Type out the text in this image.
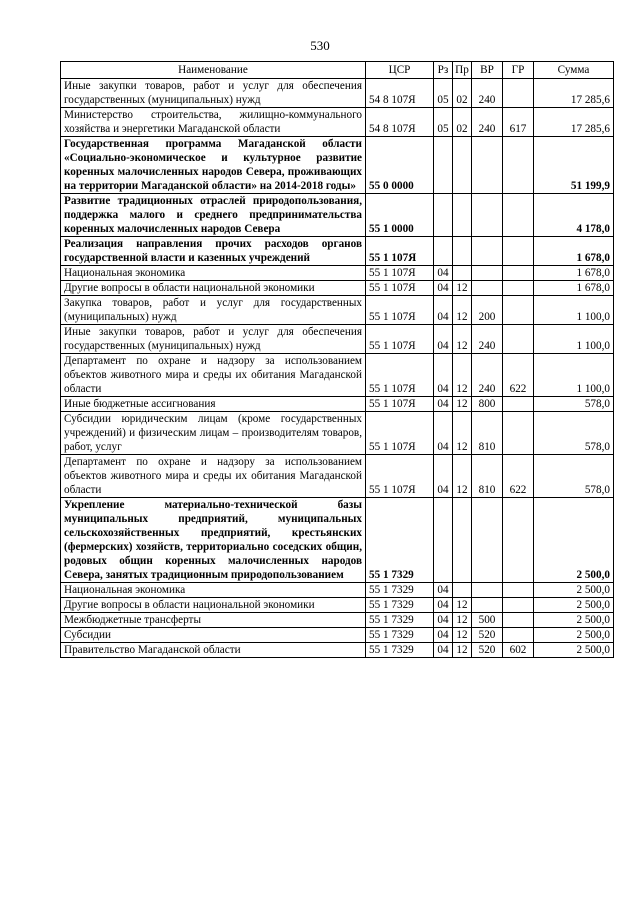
530
Наименование	ЦСР	Рз	Пр	ВР	ГР	Сумма
Иные закупки товаров, работ и услуг для обеспечения государственных (муниципальных) нужд	54 8 107Я	05	02	240		17 285,6
Министерство строительства, жилищно-коммунального хозяйства и энергетики Магаданской области	54 8 107Я	05	02	240	617	17 285,6
Государственная программа Магаданской области «Социально-экономическое и культурное развитие коренных малочисленных народов Севера, проживающих на территории Магаданской области» на 2014-2018 годы»	55 0 0000					51 199,9
Развитие традиционных отраслей природопользования, поддержка малого и среднего предпринимательства коренных малочисленных народов Севера	55 1 0000					4 178,0
Реализация направления прочих расходов органов государственной власти и казенных учреждений	55 1 107Я					1 678,0
Национальная экономика	55 1 107Я	04				1 678,0
Другие вопросы в области национальной экономики	55 1 107Я	04	12			1 678,0
Закупка товаров, работ и услуг для государственных (муниципальных) нужд	55 1 107Я	04	12	200		1 100,0
Иные закупки товаров, работ и услуг для обеспечения государственных (муниципальных) нужд	55 1 107Я	04	12	240		1 100,0
Департамент по охране и надзору за использованием объектов животного мира и среды их обитания Магаданской области	55 1 107Я	04	12	240	622	1 100,0
Иные бюджетные ассигнования	55 1 107Я	04	12	800		578,0
Субсидии юридическим лицам (кроме государственных учреждений) и физическим лицам – производителям товаров, работ, услуг	55 1 107Я	04	12	810		578,0
Департамент по охране и надзору за использованием объектов животного мира и среды их обитания Магаданской области	55 1 107Я	04	12	810	622	578,0
Укрепление материально-технической базы муниципальных предприятий, муниципальных сельскохозяйственных предприятий, крестьянских (фермерских) хозяйств, территориально соседских общин, родовых общин коренных малочисленных народов Севера, занятых традиционным природопользованием	55 1 7329					2 500,0
Национальная экономика	55 1 7329	04				2 500,0
Другие вопросы в области национальной экономики	55 1 7329	04	12			2 500,0
Межбюджетные трансферты	55 1 7329	04	12	500		2 500,0
Субсидии	55 1 7329	04	12	520		2 500,0
Правительство Магаданской области	55 1 7329	04	12	520	602	2 500,0
